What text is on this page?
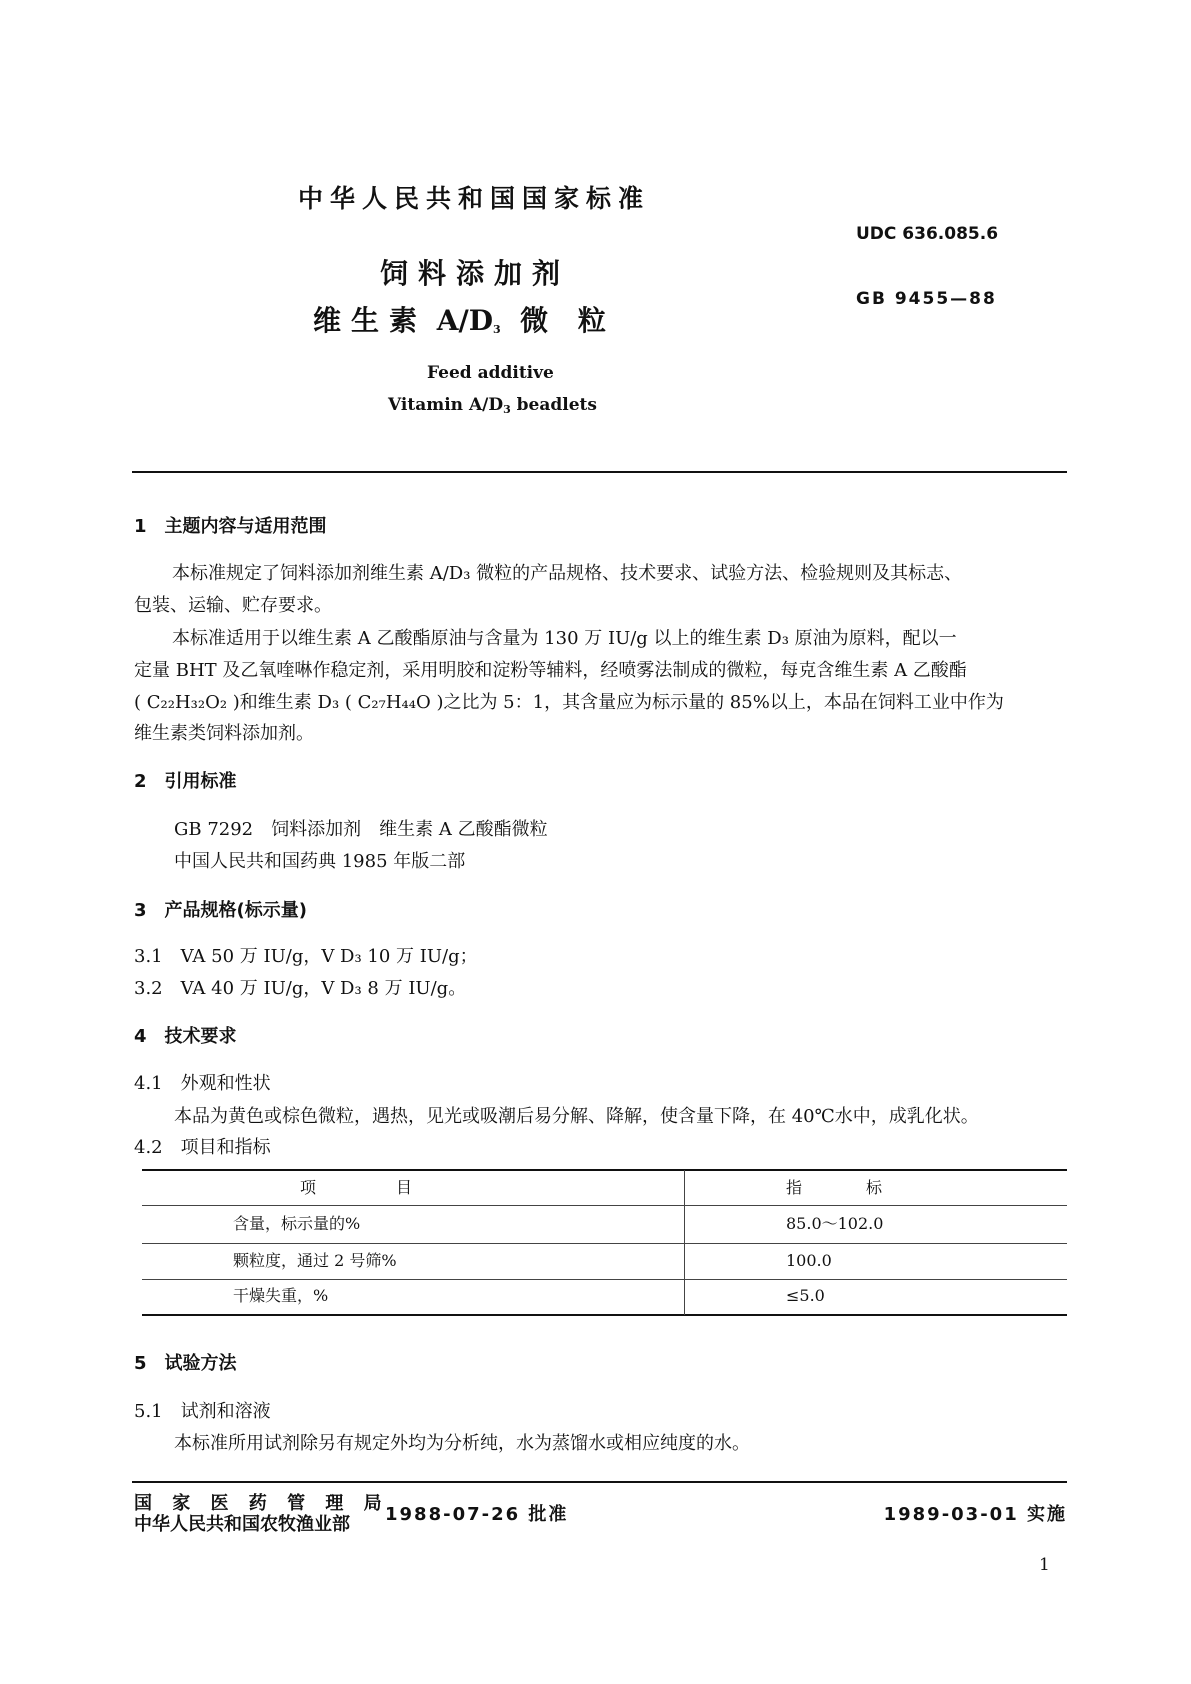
中华人民共和国国家标准
UDC 636.085.6
饲料添加剂
GB 9455—88
维生素 $A/D_3$ 微 粒
Feed additive
Vitamin $A/D_3$ beadlets
1　主题内容与适用范围
本标准规定了饲料添加剂维生素 A/D₃ 微粒的产品规格、技术要求、试验方法、检验规则及其标志、
包装、运输、贮存要求。
本标准适用于以维生素 A 乙酸酯原油与含量为 130 万 IU/g 以上的维生素 D₃ 原油为原料，配以一
定量 BHT 及乙氧喹啉作稳定剂，采用明胶和淀粉等辅料，经喷雾法制成的微粒，每克含维生素 A 乙酸酯
( C₂₂H₃₂O₂ )和维生素 D₃ ( C₂₇H₄₄O )之比为 5：1，其含量应为标示量的 85%以上，本品在饲料工业中作为
维生素类饲料添加剂。
2　引用标准
GB 7292　饲料添加剂　维生素 A 乙酸酯微粒
中国人民共和国药典 1985 年版二部
3　产品规格(标示量)
3.1　VA 50 万 IU/g，V D₃ 10 万 IU/g；
3.2　VA 40 万 IU/g，V D₃ 8 万 IU/g。
4　技术要求
4.1　外观和性状
本品为黄色或棕色微粒，遇热，见光或吸潮后易分解、降解，使含量下降，在 40℃水中，成乳化状。
4.2　项目和指标
项　　　　　目	指　　　　标
含量，标示量的%	85.0～102.0
颗粒度，通过 2 号筛%	100.0
干燥失重，%	≤5.0
5　试验方法
5.1　试剂和溶液
本标准所用试剂除另有规定外均为分析纯，水为蒸馏水或相应纯度的水。
国 家 医 药 管 理 局
中华人民共和国农牧渔业部 1988-07-26 批准	1989-03-01 实施
1
